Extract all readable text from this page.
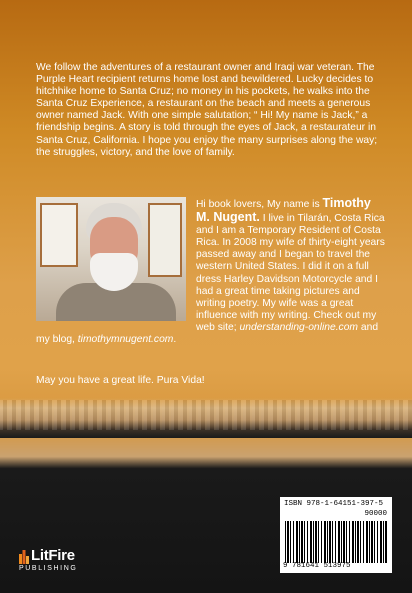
We follow the adventures of a restaurant owner and Iraqi war veteran. The Purple Heart recipient returns home lost and bewildered. Lucky decides to hitchhike home to Santa Cruz; no money in his pockets, he walks into the Santa Cruz Experience, a restaurant on the beach and meets a generous owner named Jack. With one simple salutation; “ Hi! My name is Jack,” a friendship begins. A story is told through the eyes of Jack, a restaurateur in Santa Cruz, California. I hope you enjoy the many surprises along the way; the struggles, victory, and the love of family.

Hi book lovers, My name is Timothy M. Nugent. I live in Tilarán, Costa Rica and I am a Temporary Resident of Costa Rica. In 2008 my wife of thirty-eight years passed away and I began to travel the western United States. I did it on a full dress Harley Davidson Motorcycle and I had a great time taking pictures and writing poetry. My wife was a great influence with my writing. Check out my web site; understanding-online.com and my blog, timothymnugent.com.

May you have a great life. Pura Vida!

ISBN 978-1-64151-397-5
90000
9 781641 513975
LitFire
PUBLISHING
